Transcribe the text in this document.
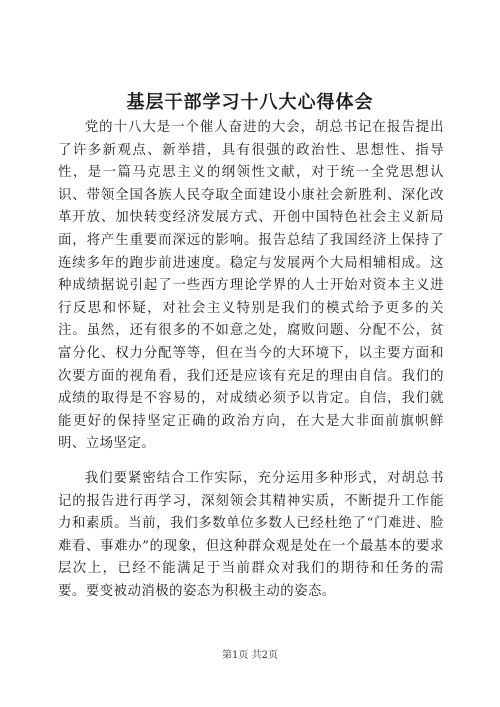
基层干部学习十八大心得体会

党的十八大是一个催人奋进的大会，胡总书记在报告提出了许多新观点、新举措，具有很强的政治性、思想性、指导性，是一篇马克思主义的纲领性文献，对于统一全党思想认识、带领全国各族人民夺取全面建设小康社会新胜利、深化改革开放、加快转变经济发展方式、开创中国特色社会主义新局面，将产生重要而深远的影响。报告总结了我国经济上保持了连续多年的跑步前进速度。稳定与发展两个大局相辅相成。这种成绩据说引起了一些西方理论学界的人士开始对资本主义进行反思和怀疑，对社会主义特别是我们的模式给予更多的关注。虽然，还有很多的不如意之处，腐败问题、分配不公，贫富分化、权力分配等等，但在当今的大环境下，以主要方面和次要方面的视角看，我们还是应该有充足的理由自信。我们的成绩的取得是不容易的，对成绩必须予以肯定。自信，我们就能更好的保持坚定正确的政治方向，在大是大非面前旗帜鲜明、立场坚定。

我们要紧密结合工作实际，充分运用多种形式，对胡总书记的报告进行再学习，深刻领会其精神实质，不断提升工作能力和素质。当前，我们多数单位多数人已经杜绝了“门难进、脸难看、事难办”的现象，但这种群众观是处在一个最基本的要求层次上，已经不能满足于当前群众对我们的期待和任务的需要。要变被动消极的姿态为积极主动的姿态。

第1页 共2页
